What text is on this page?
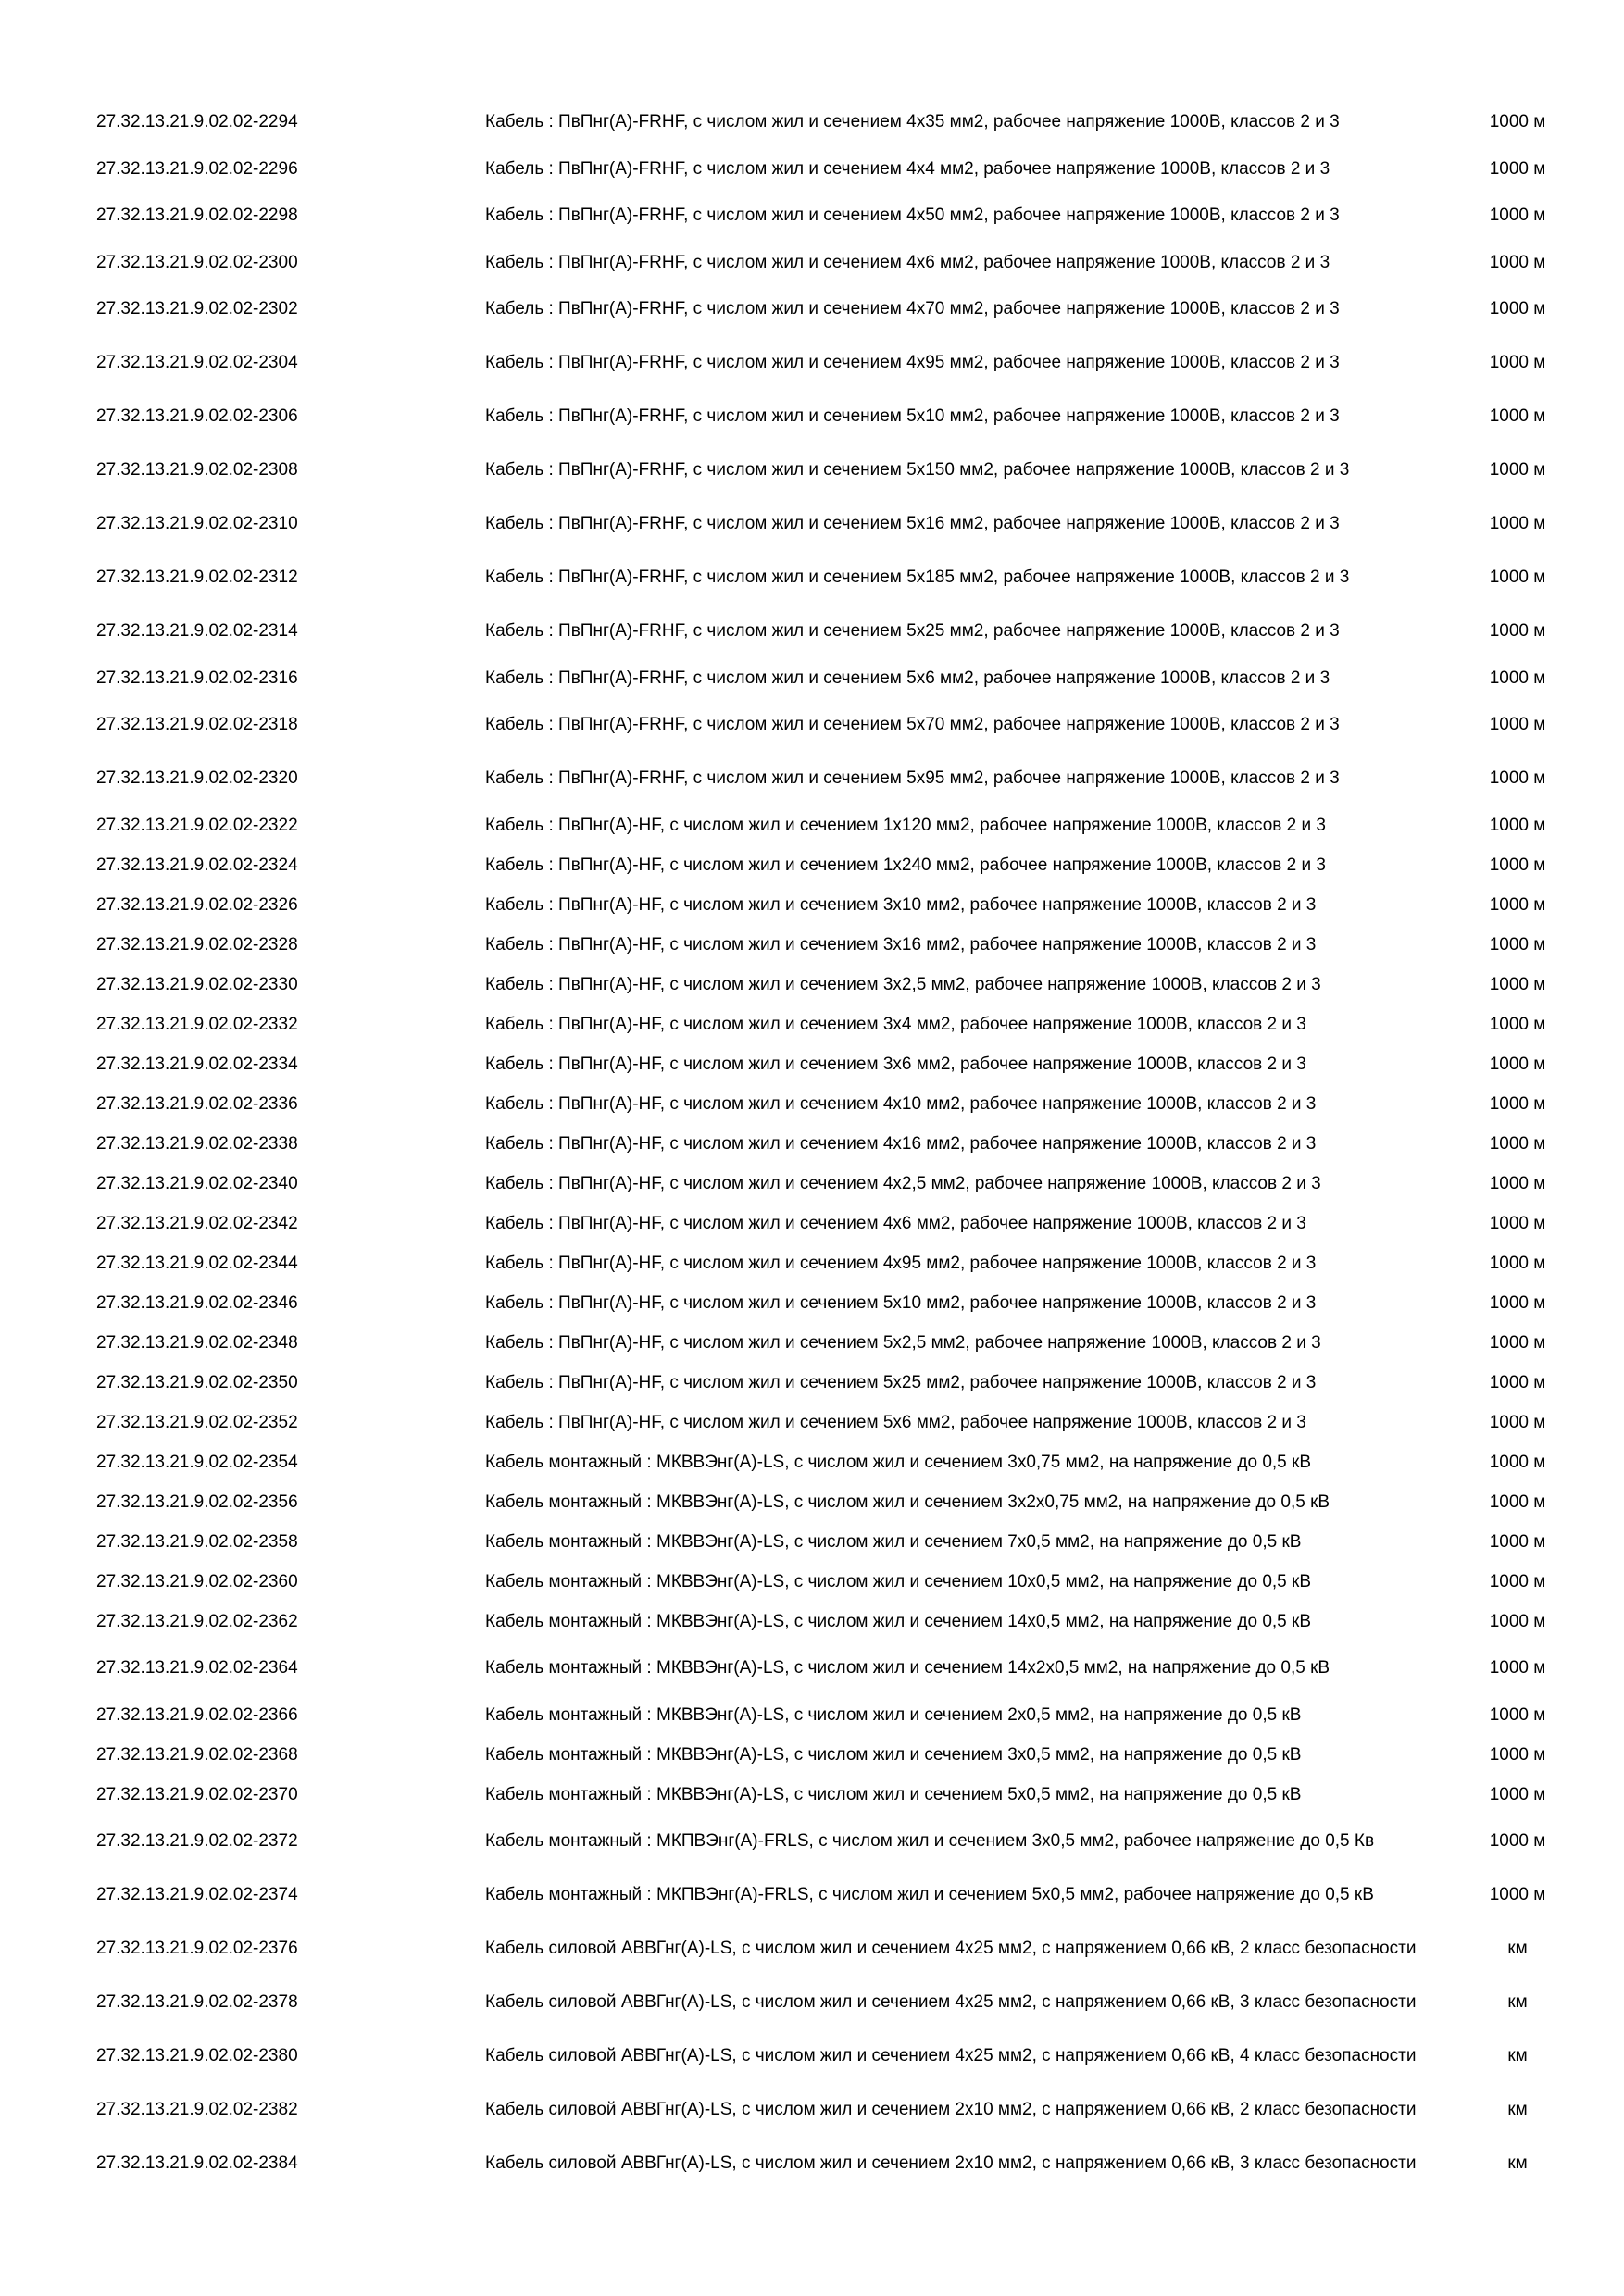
27.32.13.21.9.02.02-2294	Кабель : ПвПнг(A)-FRHF, с числом жил и сечением 4х35 мм2, рабочее напряжение 1000В, классов 2 и 3	1000 м
27.32.13.21.9.02.02-2296	Кабель : ПвПнг(A)-FRHF, с числом жил и сечением 4х4 мм2, рабочее напряжение 1000В, классов 2 и 3	1000 м
27.32.13.21.9.02.02-2298	Кабель : ПвПнг(A)-FRHF, с числом жил и сечением 4х50 мм2, рабочее напряжение 1000В, классов 2 и 3	1000 м
27.32.13.21.9.02.02-2300	Кабель : ПвПнг(A)-FRHF, с числом жил и сечением 4х6 мм2, рабочее напряжение 1000В, классов 2 и 3	1000 м
27.32.13.21.9.02.02-2302	Кабель : ПвПнг(A)-FRHF, с числом жил и сечением 4х70 мм2, рабочее напряжение 1000В, классов 2 и 3	1000 м
27.32.13.21.9.02.02-2304	Кабель : ПвПнг(A)-FRHF, с числом жил и сечением 4х95 мм2, рабочее напряжение 1000В, классов 2 и 3	1000 м
27.32.13.21.9.02.02-2306	Кабель : ПвПнг(A)-FRHF, с числом жил и сечением 5х10 мм2, рабочее напряжение 1000В, классов 2 и 3	1000 м
27.32.13.21.9.02.02-2308	Кабель : ПвПнг(A)-FRHF, с числом жил и сечением 5х150 мм2, рабочее напряжение 1000В, классов 2 и 3	1000 м
27.32.13.21.9.02.02-2310	Кабель : ПвПнг(A)-FRHF, с числом жил и сечением 5х16 мм2, рабочее напряжение 1000В, классов 2 и 3	1000 м
27.32.13.21.9.02.02-2312	Кабель : ПвПнг(A)-FRHF, с числом жил и сечением 5х185 мм2, рабочее напряжение 1000В, классов 2 и 3	1000 м
27.32.13.21.9.02.02-2314	Кабель : ПвПнг(A)-FRHF, с числом жил и сечением 5х25 мм2, рабочее напряжение 1000В, классов 2 и 3	1000 м
27.32.13.21.9.02.02-2316	Кабель : ПвПнг(A)-FRHF, с числом жил и сечением 5х6 мм2, рабочее напряжение 1000В, классов 2 и 3	1000 м
27.32.13.21.9.02.02-2318	Кабель : ПвПнг(A)-FRHF, с числом жил и сечением 5х70 мм2, рабочее напряжение 1000В, классов 2 и 3	1000 м
27.32.13.21.9.02.02-2320	Кабель : ПвПнг(A)-FRHF, с числом жил и сечением 5х95 мм2, рабочее напряжение 1000В, классов 2 и 3	1000 м
27.32.13.21.9.02.02-2322	Кабель : ПвПнг(A)-HF, с числом жил и сечением 1х120 мм2, рабочее напряжение 1000В, классов 2 и 3	1000 м
27.32.13.21.9.02.02-2324	Кабель : ПвПнг(A)-HF, с числом жил и сечением 1х240 мм2, рабочее напряжение 1000В, классов 2 и 3	1000 м
27.32.13.21.9.02.02-2326	Кабель : ПвПнг(A)-HF, с числом жил и сечением 3х10 мм2, рабочее напряжение 1000В, классов 2 и 3	1000 м
27.32.13.21.9.02.02-2328	Кабель : ПвПнг(A)-HF, с числом жил и сечением 3х16 мм2, рабочее напряжение 1000В, классов 2 и 3	1000 м
27.32.13.21.9.02.02-2330	Кабель : ПвПнг(A)-HF, с числом жил и сечением 3х2,5 мм2, рабочее напряжение 1000В, классов 2 и 3	1000 м
27.32.13.21.9.02.02-2332	Кабель : ПвПнг(A)-HF, с числом жил и сечением 3х4 мм2, рабочее напряжение 1000В, классов 2 и 3	1000 м
27.32.13.21.9.02.02-2334	Кабель : ПвПнг(A)-HF, с числом жил и сечением 3х6 мм2, рабочее напряжение 1000В, классов 2 и 3	1000 м
27.32.13.21.9.02.02-2336	Кабель : ПвПнг(A)-HF, с числом жил и сечением 4х10 мм2, рабочее напряжение 1000В, классов 2 и 3	1000 м
27.32.13.21.9.02.02-2338	Кабель : ПвПнг(A)-HF, с числом жил и сечением 4х16 мм2, рабочее напряжение 1000В, классов 2 и 3	1000 м
27.32.13.21.9.02.02-2340	Кабель : ПвПнг(A)-HF, с числом жил и сечением 4х2,5 мм2, рабочее напряжение 1000В, классов 2 и 3	1000 м
27.32.13.21.9.02.02-2342	Кабель : ПвПнг(A)-HF, с числом жил и сечением 4х6 мм2, рабочее напряжение 1000В, классов 2 и 3	1000 м
27.32.13.21.9.02.02-2344	Кабель : ПвПнг(A)-HF, с числом жил и сечением 4х95 мм2, рабочее напряжение 1000В, классов 2 и 3	1000 м
27.32.13.21.9.02.02-2346	Кабель : ПвПнг(A)-HF, с числом жил и сечением 5х10 мм2, рабочее напряжение 1000В, классов 2 и 3	1000 м
27.32.13.21.9.02.02-2348	Кабель : ПвПнг(A)-HF, с числом жил и сечением 5х2,5 мм2, рабочее напряжение 1000В, классов 2 и 3	1000 м
27.32.13.21.9.02.02-2350	Кабель : ПвПнг(A)-HF, с числом жил и сечением 5х25 мм2, рабочее напряжение 1000В, классов 2 и 3	1000 м
27.32.13.21.9.02.02-2352	Кабель : ПвПнг(A)-HF, с числом жил и сечением 5х6 мм2, рабочее напряжение 1000В, классов 2 и 3	1000 м
27.32.13.21.9.02.02-2354	Кабель монтажный : МКВВЭнг(А)-LS, с числом жил и сечением 3х0,75 мм2, на напряжение до 0,5 кВ	1000 м
27.32.13.21.9.02.02-2356	Кабель монтажный : МКВВЭнг(А)-LS, с числом жил и сечением 3х2х0,75 мм2, на напряжение до 0,5 кВ	1000 м
27.32.13.21.9.02.02-2358	Кабель монтажный : МКВВЭнг(А)-LS, с числом жил и сечением 7х0,5 мм2, на напряжение до 0,5 кВ	1000 м
27.32.13.21.9.02.02-2360	Кабель монтажный : МКВВЭнг(А)-LS, с числом жил и сечением 10х0,5 мм2, на напряжение до 0,5 кВ	1000 м
27.32.13.21.9.02.02-2362	Кабель монтажный : МКВВЭнг(А)-LS, с числом жил и сечением 14х0,5 мм2, на напряжение до 0,5 кВ	1000 м
27.32.13.21.9.02.02-2364	Кабель монтажный : МКВВЭнг(А)-LS, с числом жил и сечением 14х2х0,5 мм2, на напряжение до 0,5 кВ	1000 м
27.32.13.21.9.02.02-2366	Кабель монтажный : МКВВЭнг(А)-LS, с числом жил и сечением 2х0,5 мм2, на напряжение до 0,5 кВ	1000 м
27.32.13.21.9.02.02-2368	Кабель монтажный : МКВВЭнг(А)-LS, с числом жил и сечением 3х0,5 мм2, на напряжение до 0,5 кВ	1000 м
27.32.13.21.9.02.02-2370	Кабель монтажный : МКВВЭнг(А)-LS, с числом жил и сечением 5х0,5 мм2, на напряжение до 0,5 кВ	1000 м
27.32.13.21.9.02.02-2372	Кабель монтажный : МКПВЭнг(А)-FRLS, с числом жил и сечением 3х0,5 мм2, рабочее напряжение до 0,5 Кв	1000 м
27.32.13.21.9.02.02-2374	Кабель монтажный : МКПВЭнг(А)-FRLS, с числом жил и сечением 5х0,5 мм2, рабочее напряжение до 0,5 кВ	1000 м
27.32.13.21.9.02.02-2376	Кабель силовой АВВГнг(A)-LS, с числом жил и сечением 4х25 мм2, с напряжением 0,66 кВ, 2 класс безопасности	км
27.32.13.21.9.02.02-2378	Кабель силовой АВВГнг(A)-LS, с числом жил и сечением 4х25 мм2, с напряжением 0,66 кВ, 3 класс безопасности	км
27.32.13.21.9.02.02-2380	Кабель силовой АВВГнг(A)-LS, с числом жил и сечением 4х25 мм2, с напряжением 0,66 кВ, 4 класс безопасности	км
27.32.13.21.9.02.02-2382	Кабель силовой АВВГнг(A)-LS, с числом жил и сечением 2х10 мм2, с напряжением 0,66 кВ, 2 класс безопасности	км
27.32.13.21.9.02.02-2384	Кабель силовой АВВГнг(A)-LS, с числом жил и сечением 2х10 мм2, с напряжением 0,66 кВ, 3 класс безопасности	км
